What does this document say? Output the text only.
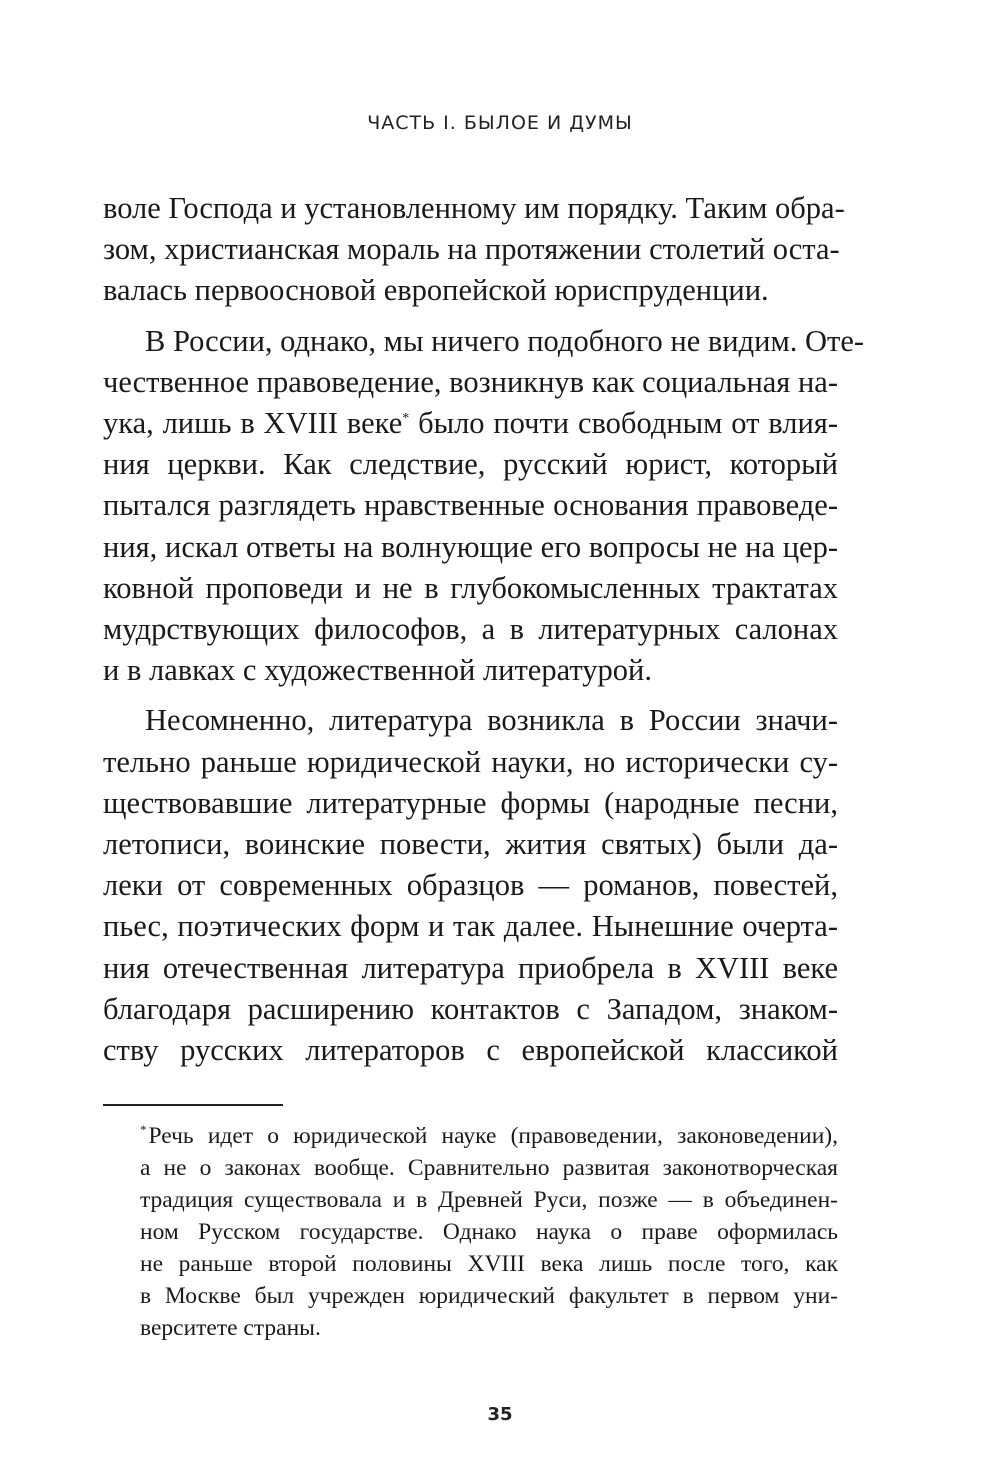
ЧАСТЬ I. БЫЛОЕ И ДУМЫ
воле Господа и установленному им порядку. Таким обра-
зом, христианская мораль на протяжении столетий оста-
валась первоосновой европейской юриспруденции.
В России, однако, мы ничего подобного не видим. Оте-
чественное правоведение, возникнув как социальная на-
ука, лишь в XVIII веке* было почти свободным от влия-
ния церкви. Как следствие, русский юрист, который
пытался разглядеть нравственные основания правоведе-
ния, искал ответы на волнующие его вопросы не на цер-
ковной проповеди и не в глубокомысленных трактатах
мудрствующих философов, а в литературных салонах
и в лавках с художественной литературой.
Несомненно, литература возникла в России значи-
тельно раньше юридической науки, но исторически су-
ществовавшие литературные формы (народные песни,
летописи, воинские повести, жития святых) были да-
леки от современных образцов — романов, повестей,
пьес, поэтических форм и так далее. Нынешние очерта-
ния отечественная литература приобрела в XVIII веке
благодаря расширению контактов с Западом, знаком-
ству русских литераторов с европейской классикой
*Речь идет о юридической науке (правоведении, законоведении),
а не о законах вообще. Сравнительно развитая законотворческая
традиция существовала и в Древней Руси, позже — в объединен-
ном Русском государстве. Однако наука о праве оформилась
не раньше второй половины XVIII века лишь после того, как
в Москве был учрежден юридический факультет в первом уни-
верситете страны.
35
